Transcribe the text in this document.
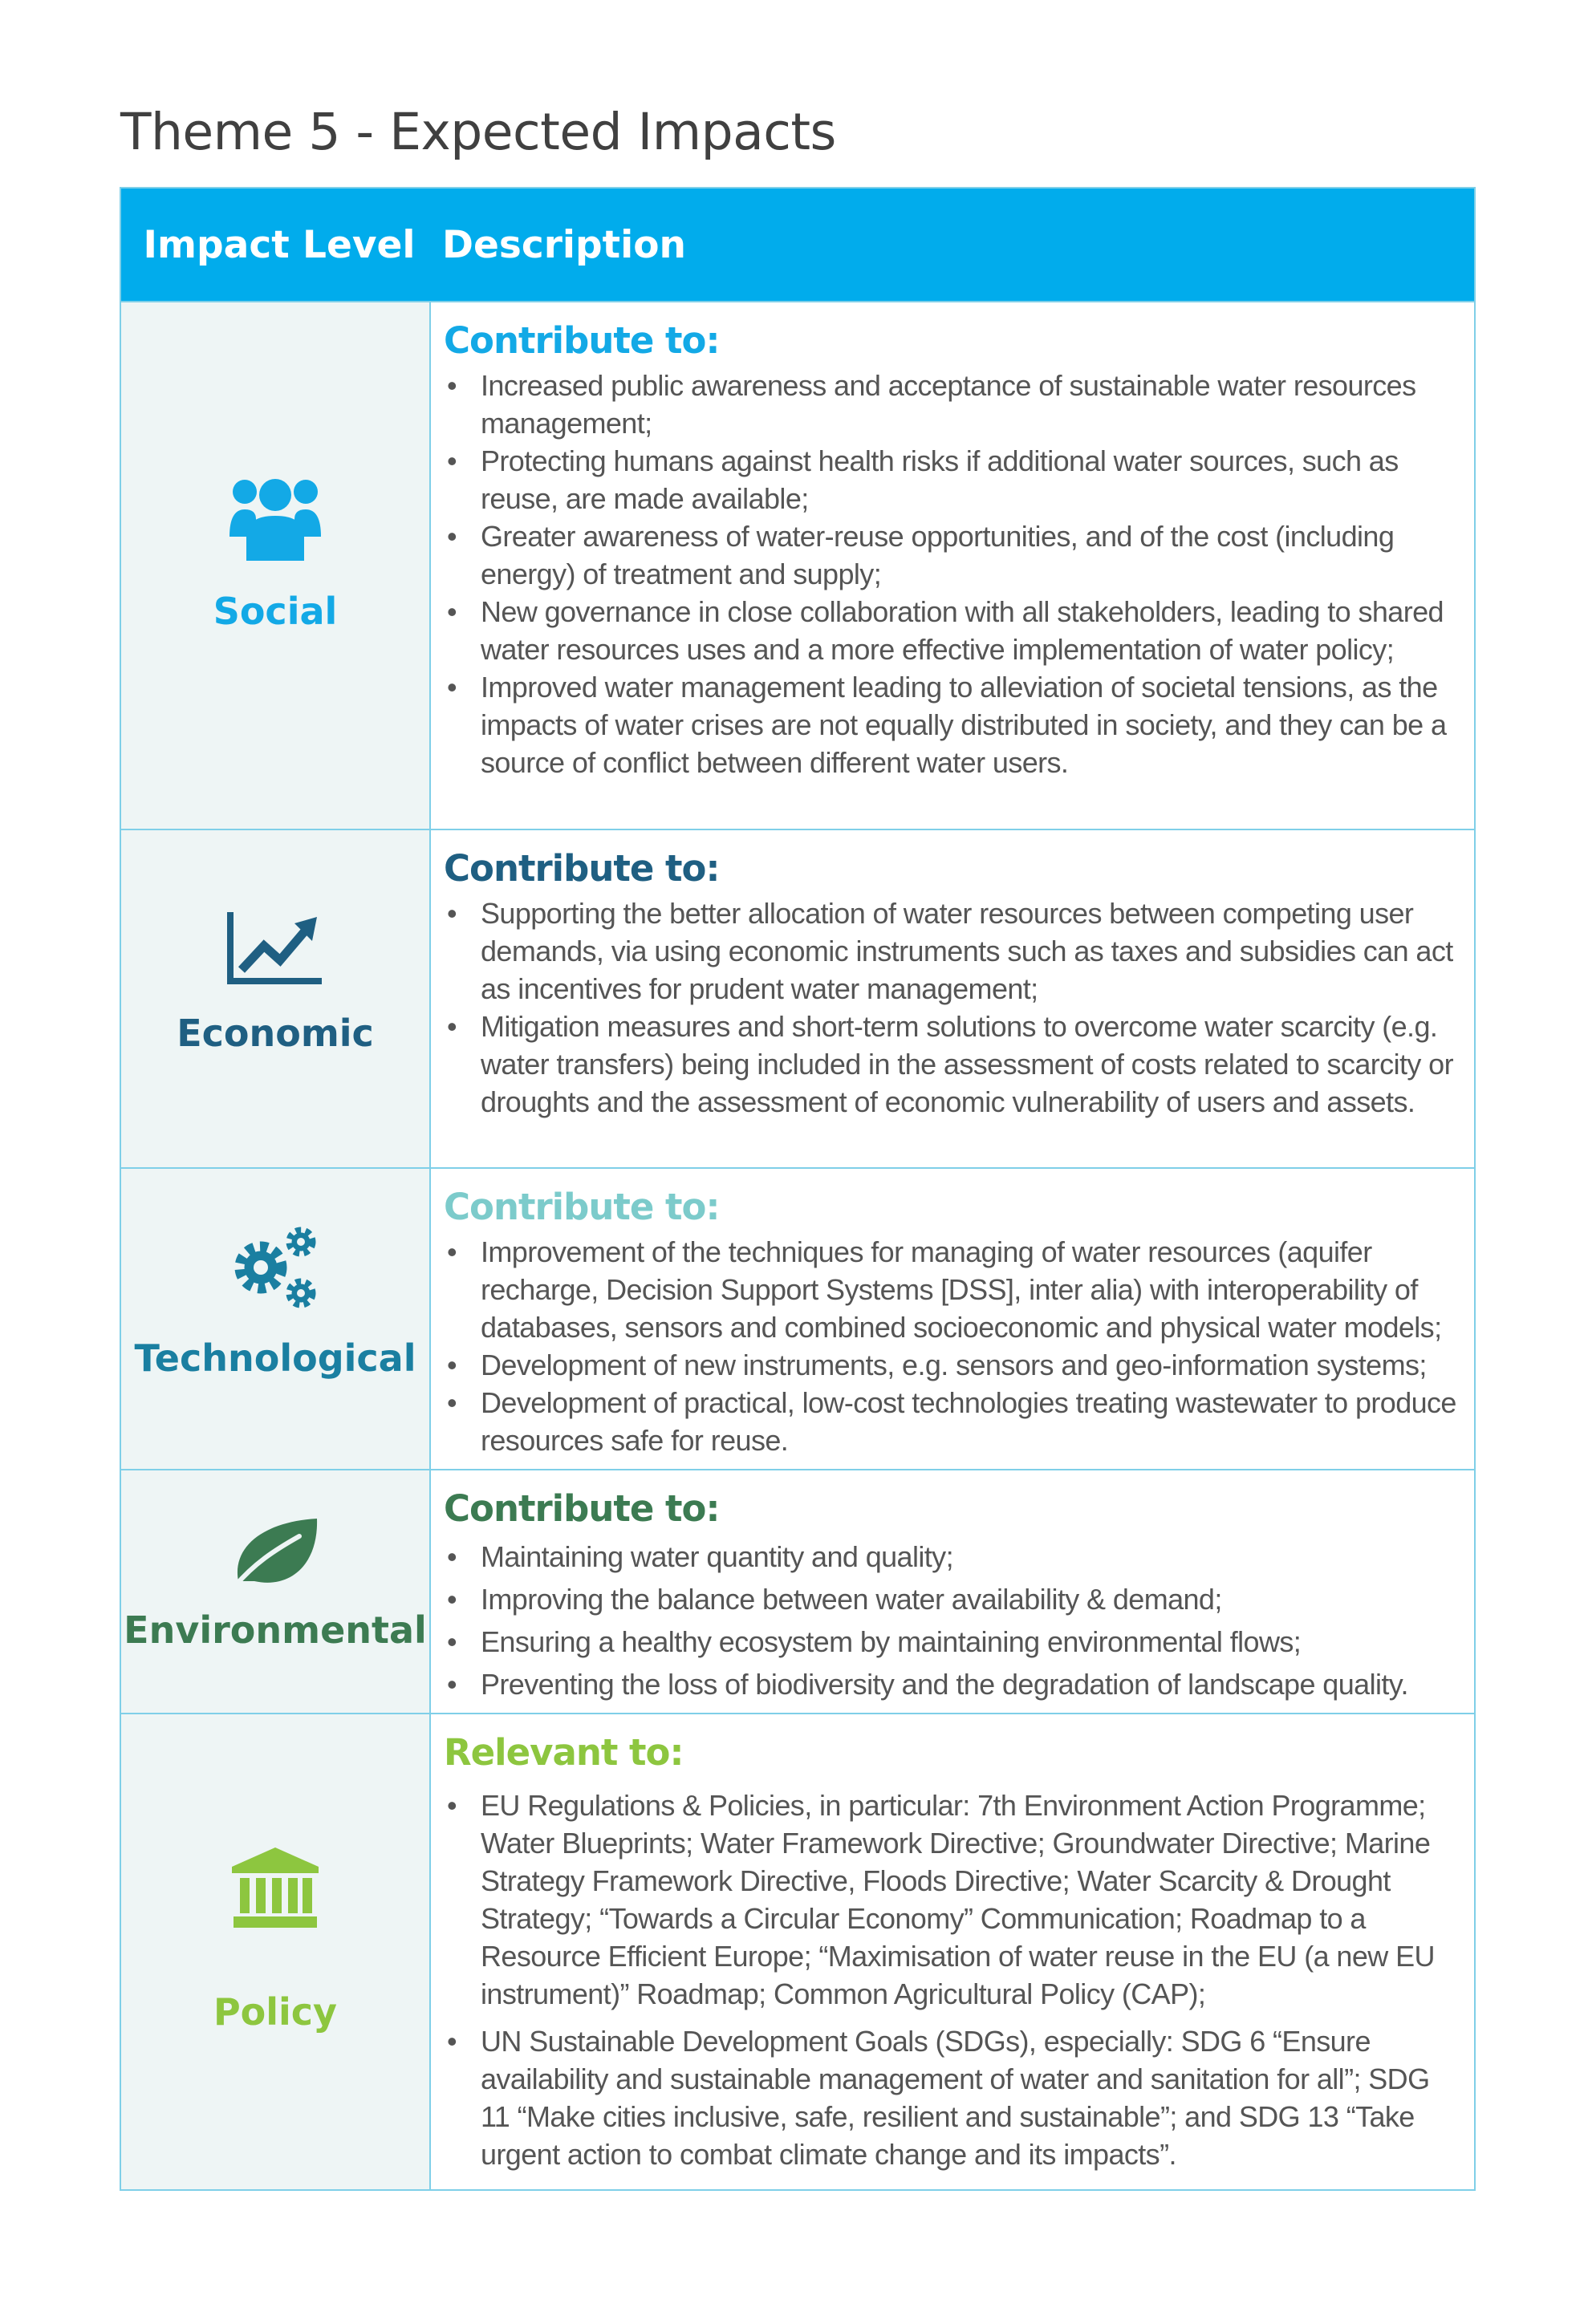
Theme 5 - Expected Impacts
Impact Level Description
Social
Contribute to:
• Increased public awareness and acceptance of sustainable water resources management;
• Protecting humans against health risks if additional water sources, such as reuse, are made available;
• Greater awareness of water-reuse opportunities, and of the cost (including energy) of treatment and supply;
• New governance in close collaboration with all stakeholders, leading to shared water resources uses and a more effective implementation of water policy;
• Improved water management leading to alleviation of societal tensions, as the impacts of water crises are not equally distributed in society, and they can be a source of conflict between different water users.
Economic
Contribute to:
• Supporting the better allocation of water resources between competing user demands, via using economic instruments such as taxes and subsidies can act as incentives for prudent water management;
• Mitigation measures and short-term solutions to overcome water scarcity (e.g. water transfers) being included in the assessment of costs related to scarcity or droughts and the assessment of economic vulnerability of users and assets.
Technological
Contribute to:
• Improvement of the techniques for managing of water resources (aquifer recharge, Decision Support Systems [DSS], inter alia) with interoperability of databases, sensors and combined socioeconomic and physical water models;
• Development of new instruments, e.g. sensors and geo-information systems;
• Development of practical, low-cost technologies treating wastewater to produce resources safe for reuse.
Environmental
Contribute to:
• Maintaining water quantity and quality;
• Improving the balance between water availability & demand;
• Ensuring a healthy ecosystem by maintaining environmental flows;
• Preventing the loss of biodiversity and the degradation of landscape quality.
Policy
Relevant to:
• EU Regulations & Policies, in particular: 7th Environment Action Programme; Water Blueprints; Water Framework Directive; Groundwater Directive; Marine Strategy Framework Directive, Floods Directive; Water Scarcity & Drought Strategy; “Towards a Circular Economy” Communication; Roadmap to a Resource Efficient Europe; “Maximisation of water reuse in the EU (a new EU instrument)” Roadmap; Common Agricultural Policy (CAP);
• UN Sustainable Development Goals (SDGs), especially: SDG 6 “Ensure availability and sustainable management of water and sanitation for all”; SDG 11 “Make cities inclusive, safe, resilient and sustainable”; and SDG 13 “Take urgent action to combat climate change and its impacts”.
